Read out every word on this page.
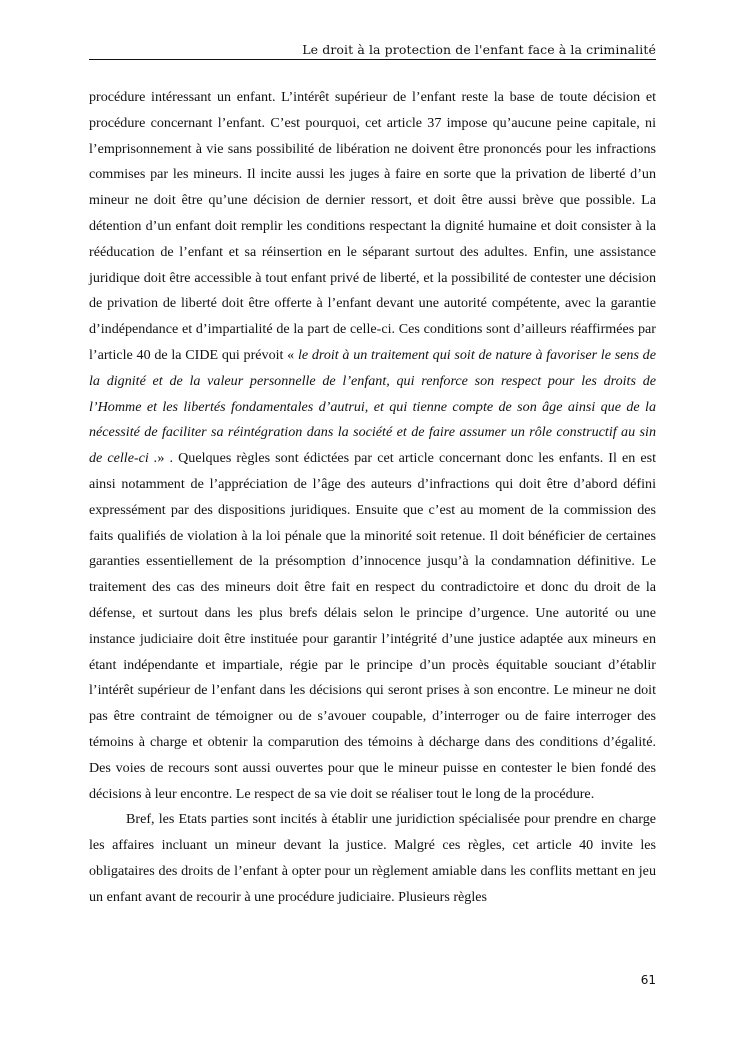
Le droit à la protection de l'enfant face à la criminalité

procédure intéressant un enfant. L’intérêt supérieur de l’enfant reste la base de toute décision et procédure concernant l’enfant. C’est pourquoi, cet article 37 impose qu’aucune peine capitale, ni l’emprisonnement à vie sans possibilité de libération ne doivent être prononcés pour les infractions commises par les mineurs. Il incite aussi les juges à faire en sorte que la privation de liberté d’un mineur ne doit être qu’une décision de dernier ressort, et doit être aussi brève que possible. La détention d’un enfant doit remplir les conditions respectant la dignité humaine et doit consister à la rééducation de l’enfant et sa réinsertion en le séparant surtout des adultes. Enfin, une assistance juridique doit être accessible à tout enfant privé de liberté, et la possibilité de contester une décision de privation de liberté doit être offerte à l’enfant devant une autorité compétente, avec la garantie d’indépendance et d’impartialité de la part de celle-ci. Ces conditions sont d’ailleurs réaffirmées par l’article 40 de la CIDE qui prévoit « le droit à un traitement qui soit de nature à favoriser le sens de la dignité et de la valeur personnelle de l’enfant, qui renforce son respect pour les droits de l’Homme et les libertés fondamentales d’autrui, et qui tienne compte de son âge ainsi que de la nécessité de faciliter sa réintégration dans la société et de faire assumer un rôle constructif au sin de celle-ci .» . Quelques règles sont édictées par cet article concernant donc les enfants. Il en est ainsi notamment de l’appréciation de l’âge des auteurs d’infractions qui doit être d’abord défini expressément par des dispositions juridiques. Ensuite que c’est au moment de la commission des faits qualifiés de violation à la loi pénale que la minorité soit retenue. Il doit bénéficier de certaines garanties essentiellement de la présomption d’innocence jusqu’à la condamnation définitive. Le traitement des cas des mineurs doit être fait en respect du contradictoire et donc du droit de la défense, et surtout dans les plus brefs délais selon le principe d’urgence. Une autorité ou une instance judiciaire doit être instituée pour garantir l’intégrité d’une justice adaptée aux mineurs en étant indépendante et impartiale, régie par le principe d’un procès équitable souciant d’établir l’intérêt supérieur de l’enfant dans les décisions qui seront prises à son encontre. Le mineur ne doit pas être contraint de témoigner ou de s’avouer coupable, d’interroger ou de faire interroger des témoins à charge et obtenir la comparution des témoins à décharge dans des conditions d’égalité. Des voies de recours sont aussi ouvertes pour que le mineur puisse en contester le bien fondé des décisions à leur encontre. Le respect de sa vie doit se réaliser tout le long de la procédure.

Bref, les Etats parties sont incités à établir une juridiction spécialisée pour prendre en charge les affaires incluant un mineur devant la justice. Malgré ces règles, cet article 40 invite les obligataires des droits de l’enfant à opter pour un règlement amiable dans les conflits mettant en jeu un enfant avant de recourir à une procédure judiciaire. Plusieurs règles

61
